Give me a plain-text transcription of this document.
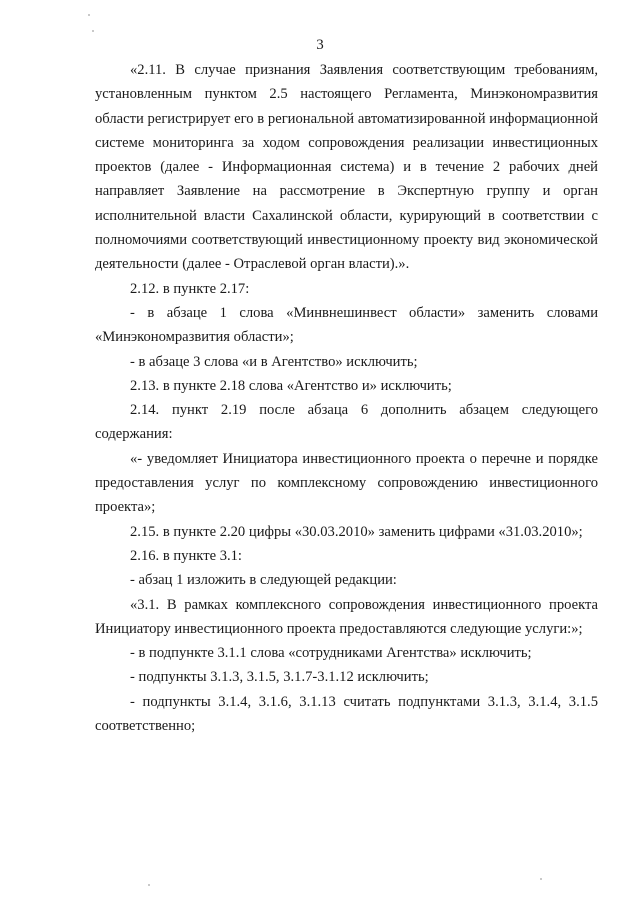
3

«2.11. В случае признания Заявления соответствующим требованиям, установленным пунктом 2.5 настоящего Регламента, Минэкономразвития области регистрирует его в региональной автоматизированной информационной системе мониторинга за ходом сопровождения реализации инвестиционных проектов (далее - Информационная система) и в течение 2 рабочих дней направляет Заявление на рассмотрение в Экспертную группу и орган исполнительной власти Сахалинской области, курирующий в соответствии с полномочиями соответствующий инвестиционному проекту вид экономической деятельности (далее - Отраслевой орган власти).».

2.12. в пункте 2.17:

- в абзаце 1 слова «Минвнешинвест области» заменить словами «Минэкономразвития области»;

- в абзаце 3 слова «и в Агентство» исключить;

2.13. в пункте 2.18 слова «Агентство и» исключить;

2.14. пункт 2.19 после абзаца 6 дополнить абзацем следующего содержания:

«- уведомляет Инициатора инвестиционного проекта о перечне и порядке предоставления услуг по комплексному сопровождению инвестиционного проекта»;

2.15. в пункте 2.20 цифры «30.03.2010» заменить цифрами «31.03.2010»;

2.16. в пункте 3.1:

- абзац 1 изложить в следующей редакции:

«3.1. В рамках комплексного сопровождения инвестиционного проекта Инициатору инвестиционного проекта предоставляются следующие услуги:»;

- в подпункте 3.1.1 слова «сотрудниками Агентства» исключить;

- подпункты 3.1.3, 3.1.5, 3.1.7-3.1.12 исключить;

- подпункты 3.1.4, 3.1.6, 3.1.13 считать подпунктами 3.1.3, 3.1.4, 3.1.5 соответственно;
